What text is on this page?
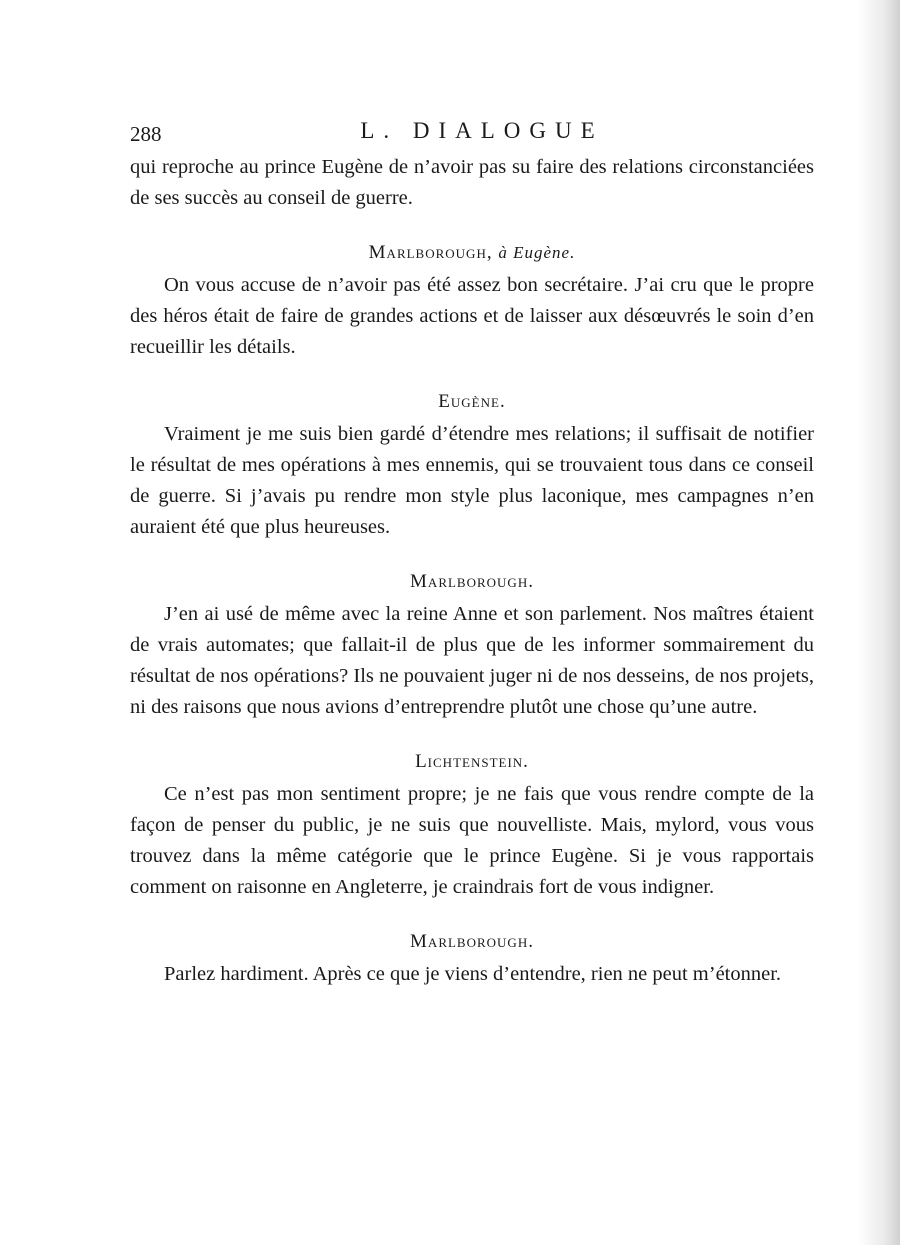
288	L. DIALOGUE

qui reproche au prince Eugène de n’avoir pas su faire des relations circonstanciées de ses succès au conseil de guerre.

Marlborough, à Eugène.

On vous accuse de n’avoir pas été assez bon secrétaire. J’ai cru que le propre des héros était de faire de grandes actions et de laisser aux désœuvrés le soin d’en recueillir les détails.

Eugène.

Vraiment je me suis bien gardé d’étendre mes relations; il suffisait de notifier le résultat de mes opérations à mes ennemis, qui se trouvaient tous dans ce conseil de guerre. Si j’avais pu rendre mon style plus laconique, mes campagnes n’en auraient été que plus heureuses.

Marlborough.

J’en ai usé de même avec la reine Anne et son parlement. Nos maîtres étaient de vrais automates; que fallait-il de plus que de les informer sommairement du résultat de nos opérations? Ils ne pouvaient juger ni de nos desseins, de nos projets, ni des raisons que nous avions d’entreprendre plutôt une chose qu’une autre.

Lichtenstein.

Ce n’est pas mon sentiment propre; je ne fais que vous rendre compte de la façon de penser du public, je ne suis que nouvelliste. Mais, mylord, vous vous trouvez dans la même catégorie que le prince Eugène. Si je vous rapportais comment on raisonne en Angleterre, je craindrais fort de vous indigner.

Marlborough.

Parlez hardiment. Après ce que je viens d’entendre, rien ne peut m’étonner.
